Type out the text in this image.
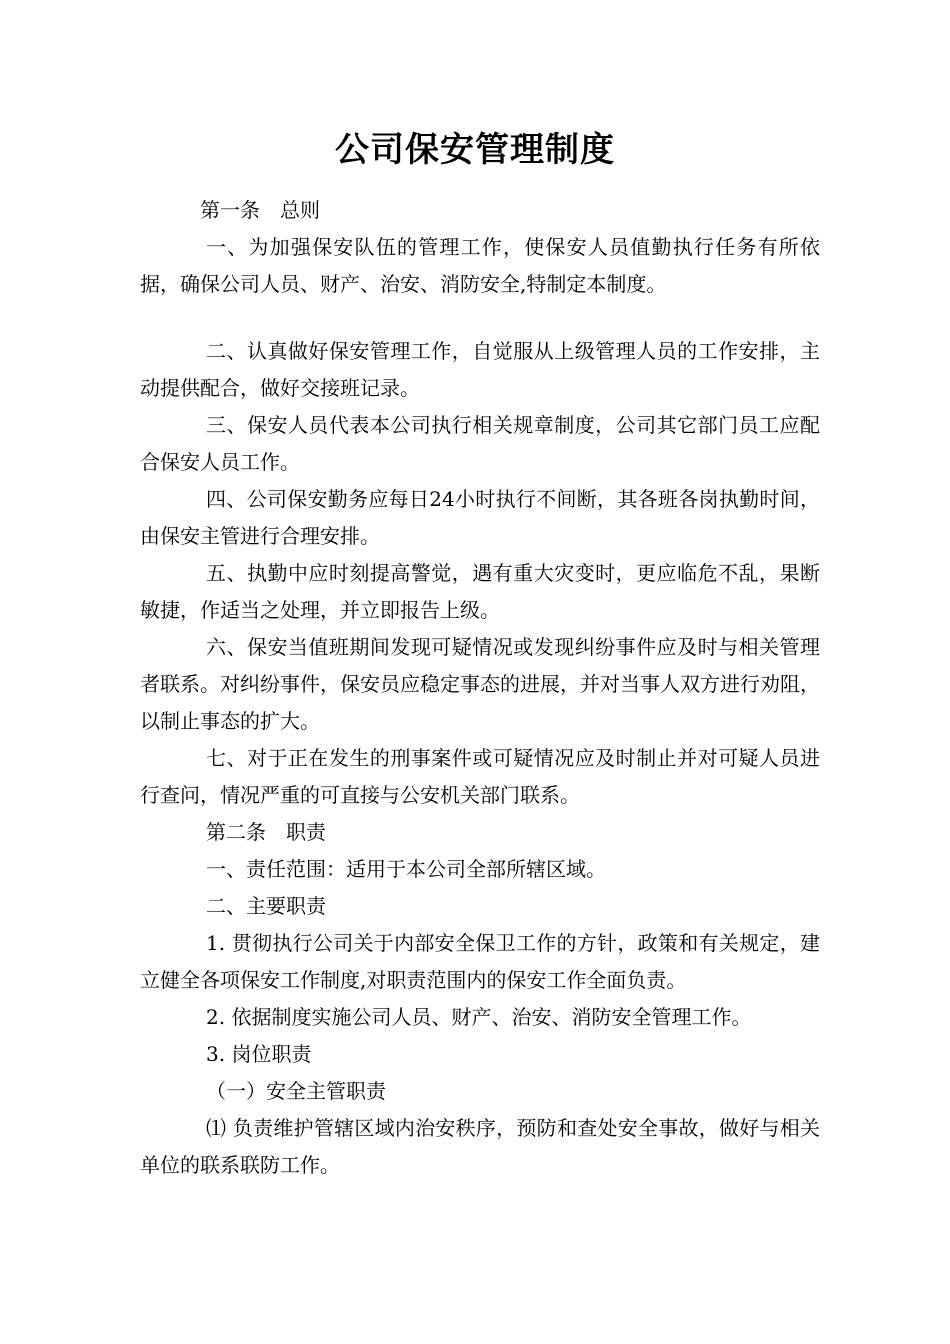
公司保安管理制度

第一条　总则

一、为加强保安队伍的管理工作，使保安人员值勤执行任务有所依据，确保公司人员、财产、治安、消防安全,特制定本制度。

二、认真做好保安管理工作，自觉服从上级管理人员的工作安排，主动提供配合，做好交接班记录。

三、保安人员代表本公司执行相关规章制度，公司其它部门员工应配合保安人员工作。

四、公司保安勤务应每日24小时执行不间断，其各班各岗执勤时间，由保安主管进行合理安排。

五、执勤中应时刻提高警觉，遇有重大灾变时，更应临危不乱，果断敏捷，作适当之处理，并立即报告上级。

六、保安当值班期间发现可疑情况或发现纠纷事件应及时与相关管理者联系。对纠纷事件，保安员应稳定事态的进展，并对当事人双方进行劝阻，以制止事态的扩大。

七、对于正在发生的刑事案件或可疑情况应及时制止并对可疑人员进行查问，情况严重的可直接与公安机关部门联系。

第二条　职责

一、责任范围：适用于本公司全部所辖区域。

二、主要职责

1. 贯彻执行公司关于内部安全保卫工作的方针，政策和有关规定，建立健全各项保安工作制度,对职责范围内的保安工作全面负责。

2. 依据制度实施公司人员、财产、治安、消防安全管理工作。

3. 岗位职责

（一）安全主管职责

⑴ 负责维护管辖区域内治安秩序，预防和查处安全事故，做好与相关单位的联系联防工作。
